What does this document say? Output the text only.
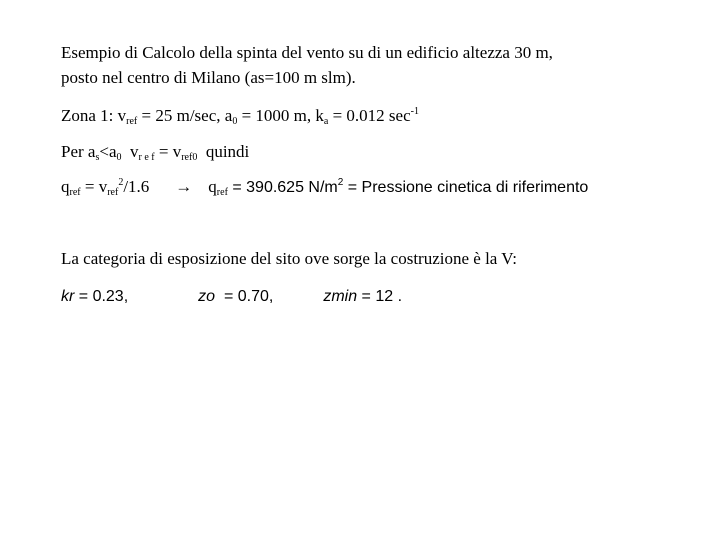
Esempio di Calcolo della spinta del vento su di un edificio altezza 30 m,
posto nel centro di Milano (as=100 m slm).
Zona 1: $v_{ref} = 25$ m/sec, $a_0 = 1000$ m, $k_a = 0.012$ $\sec^{-1}$
Per $a_s<a_0$  $v_{r e f} = v_{ref0}$  quindi
$q_{ref} = v_{ref}^2/1.6 \to q_{ref} = 390.625$ $N/m^2$ = Pressione cinetica di riferimento
La categoria di esposizione del sito ove sorge la costruzione è la V:
kr = 0.23,	zo  = 0.70,	zmin = 12 .
